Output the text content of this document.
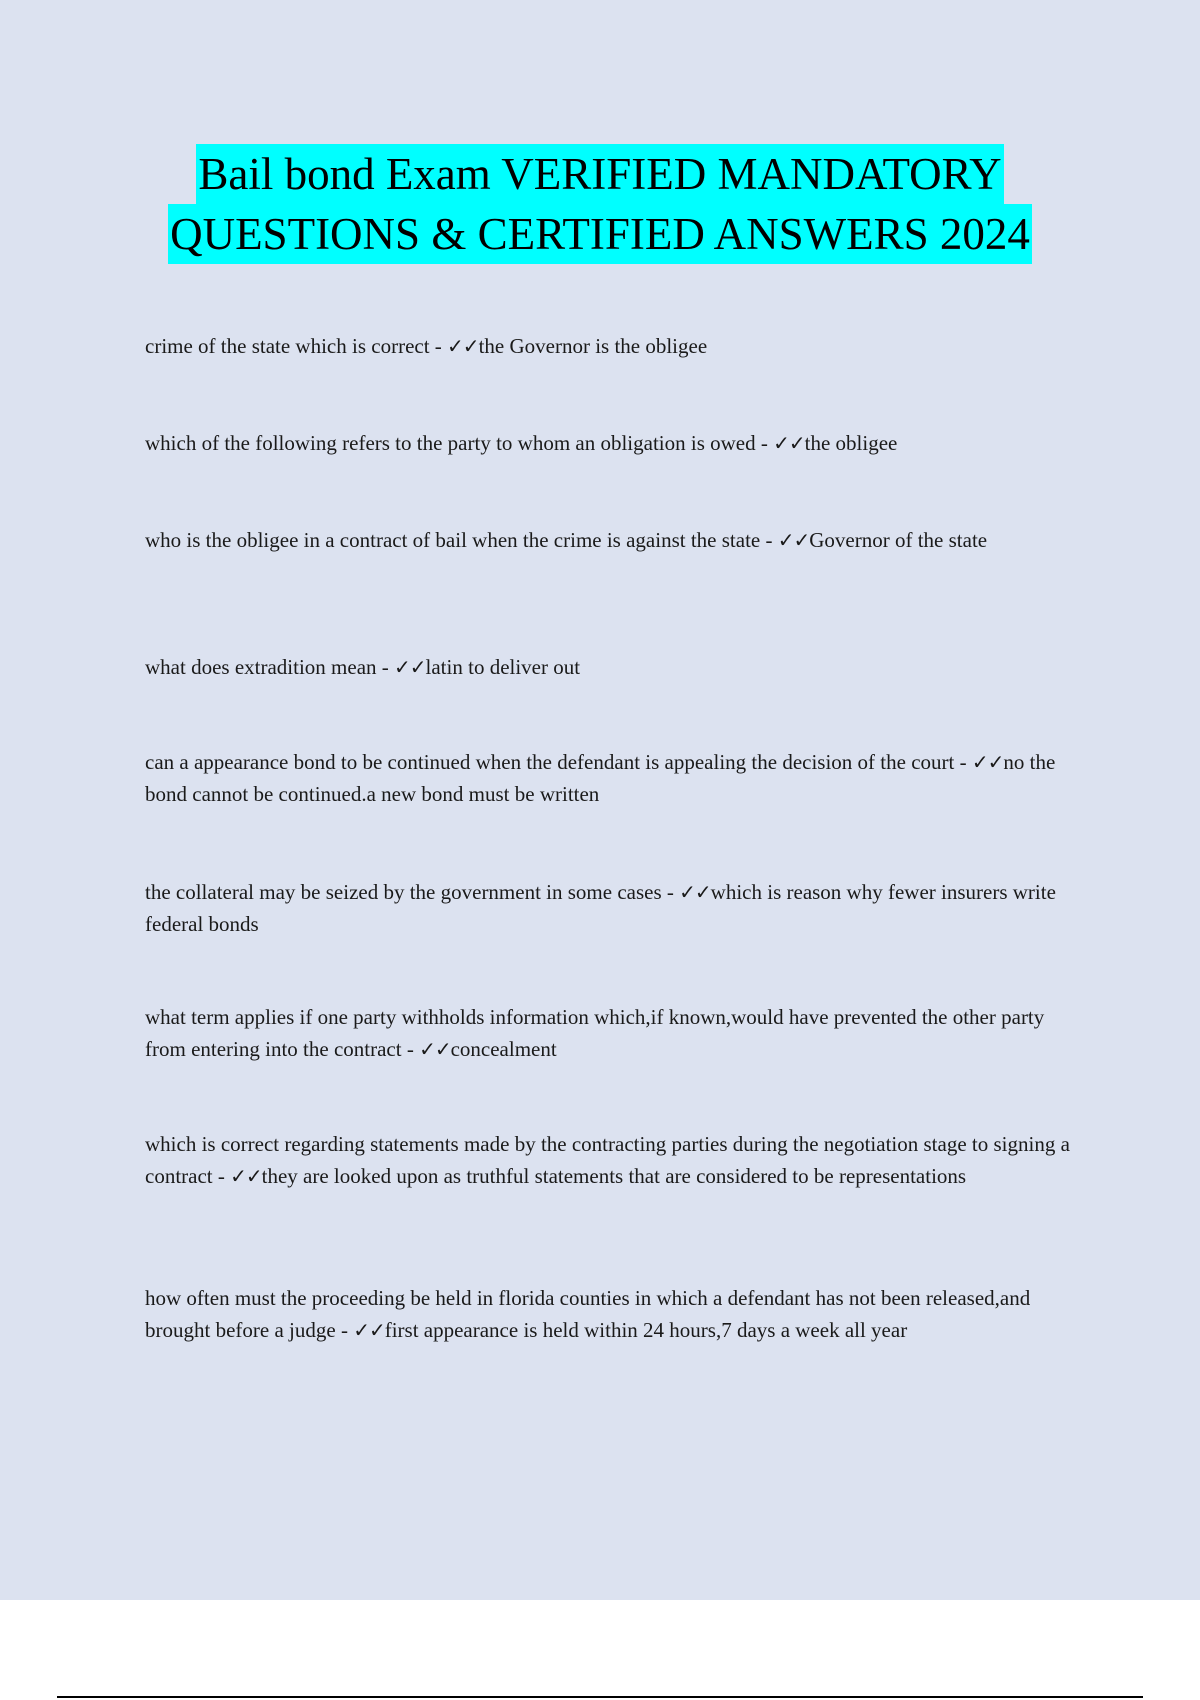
Bail bond Exam VERIFIED MANDATORY
QUESTIONS & CERTIFIED ANSWERS 2024

crime of the state which is correct - ✓✓the Governor is the obligee

which of the following refers to the party to whom an obligation is owed - ✓✓the obligee

who is the obligee in a contract of bail when the crime is against the state - ✓✓Governor of the state

what does extradition mean - ✓✓latin to deliver out

can a appearance bond to be continued when the defendant is appealing the decision of the court - ✓✓no the bond cannot be continued.a new bond must be written

the collateral may be seized by the government in some cases - ✓✓which is reason why fewer insurers write federal bonds

what term applies if one party withholds information which,if known,would have prevented the other party from entering into the contract - ✓✓concealment

which is correct regarding statements made by the contracting parties during the negotiation stage to signing a contract - ✓✓they are looked upon as truthful statements that are considered to be representations

how often must the proceeding be held in florida counties in which a defendant has not been released,and brought before a judge - ✓✓first appearance is held within 24 hours,7 days a week all year
